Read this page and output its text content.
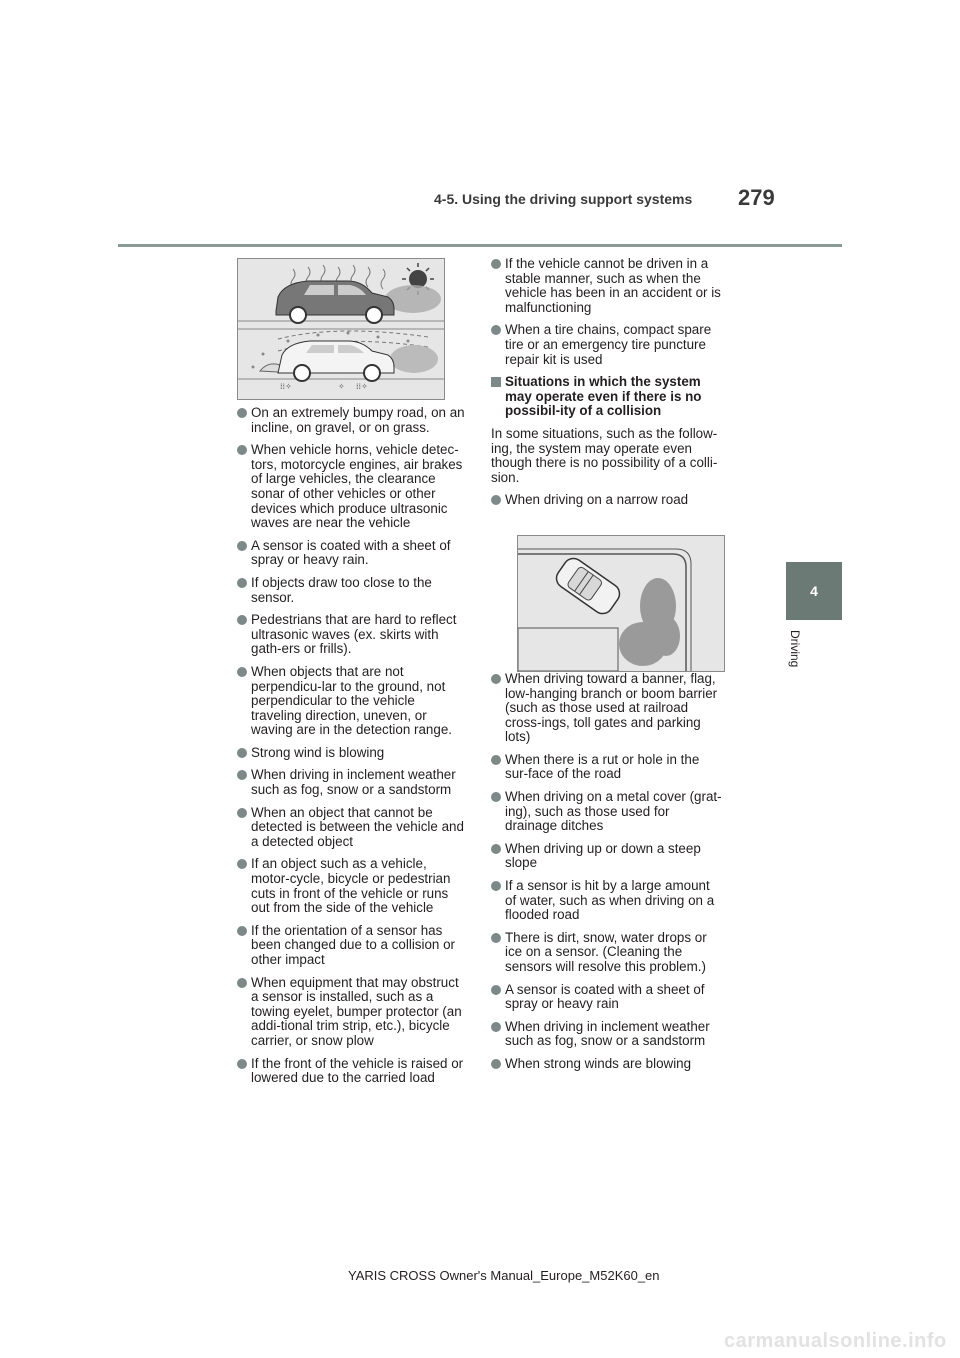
4-5. Using the driving support systems 279
4
Driving
⁞⁞✧	✧ ⁞⁞✧
On an extremely bumpy road, on an incline, on gravel, or on grass.
When vehicle horns, vehicle detec-tors, motorcycle engines, air brakes of large vehicles, the clearance sonar of other vehicles or other devices which produce ultrasonic waves are near the vehicle
A sensor is coated with a sheet of spray or heavy rain.
If objects draw too close to the sensor.
Pedestrians that are hard to reflect ultrasonic waves (ex. skirts with gath-ers or frills).
When objects that are not perpendicu-lar to the ground, not perpendicular to the vehicle traveling direction, uneven, or waving are in the detection range.
Strong wind is blowing
When driving in inclement weather such as fog, snow or a sandstorm
When an object that cannot be detected is between the vehicle and a detected object
If an object such as a vehicle, motor-cycle, bicycle or pedestrian cuts in front of the vehicle or runs out from the side of the vehicle
If the orientation of a sensor has been changed due to a collision or other impact
When equipment that may obstruct a sensor is installed, such as a towing eyelet, bumper protector (an addi-tional trim strip, etc.), bicycle carrier, or snow plow
If the front of the vehicle is raised or lowered due to the carried load
If the vehicle cannot be driven in a stable manner, such as when the vehicle has been in an accident or is malfunctioning
When a tire chains, compact spare tire or an emergency tire puncture repair kit is used
Situations in which the system may operate even if there is no possibil-ity of a collision
In some situations, such as the follow-ing, the system may operate even though there is no possibility of a colli-sion.
When driving on a narrow road
When driving toward a banner, flag, low-hanging branch or boom barrier (such as those used at railroad cross-ings, toll gates and parking lots)
When there is a rut or hole in the sur-face of the road
When driving on a metal cover (grat-ing), such as those used for drainage ditches
When driving up or down a steep slope
If a sensor is hit by a large amount of water, such as when driving on a flooded road
There is dirt, snow, water drops or ice on a sensor. (Cleaning the sensors will resolve this problem.)
A sensor is coated with a sheet of spray or heavy rain
When driving in inclement weather such as fog, snow or a sandstorm
When strong winds are blowing
YARIS CROSS Owner's Manual_Europe_M52K60_en
carmanualsonline.info
